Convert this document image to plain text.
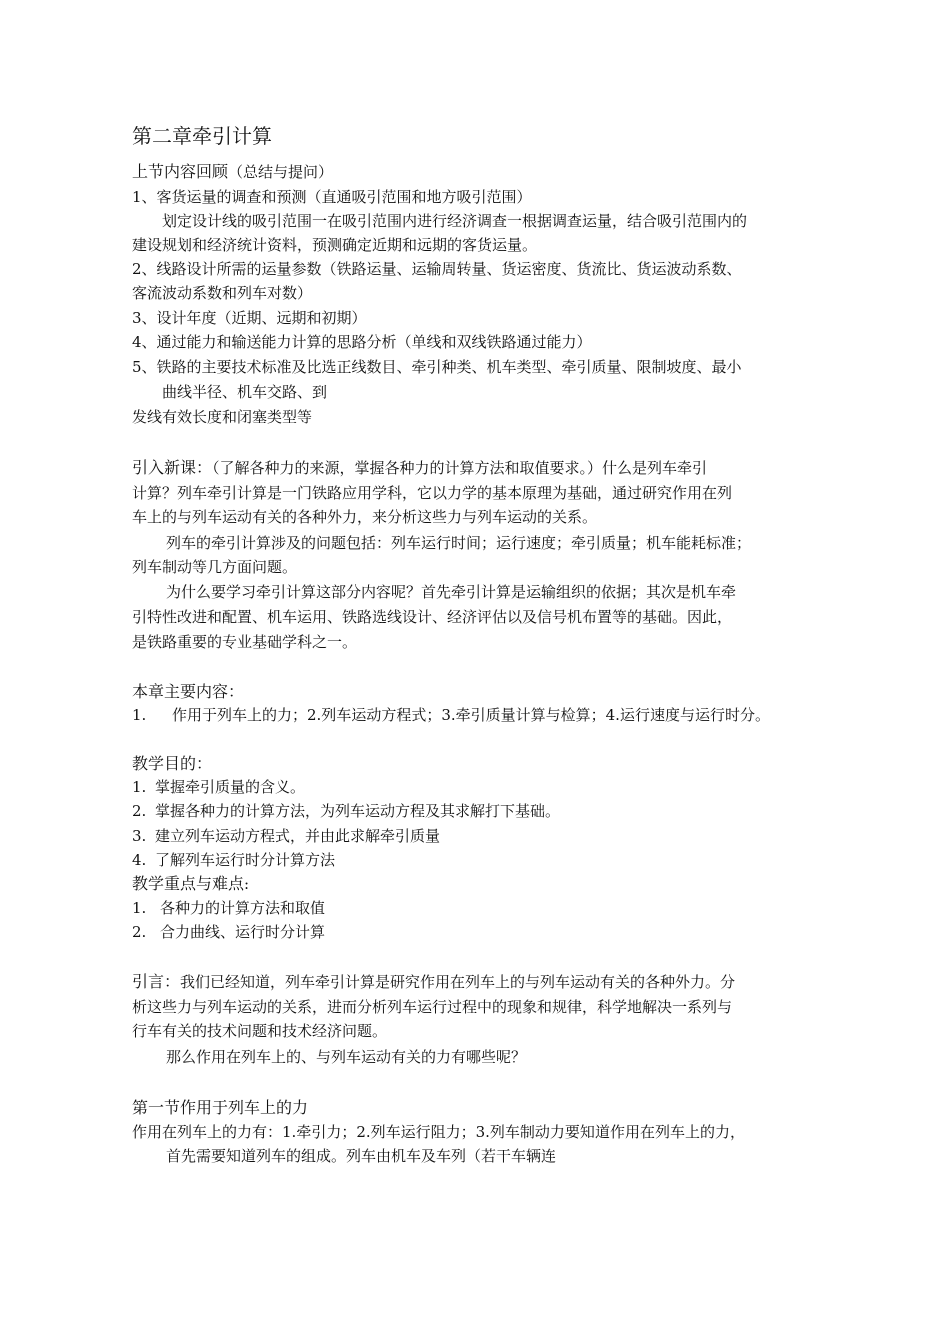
第二章牵引计算
上节内容回顾（总结与提问）
1、客货运量的调查和预测（直通吸引范围和地方吸引范围）
划定设计线的吸引范围一在吸引范围内进行经济调查一根据调查运量，结合吸引范围内的
建设规划和经济统计资料，预测确定近期和远期的客货运量。
2、线路设计所需的运量参数（铁路运量、运输周转量、货运密度、货流比、货运波动系数、
客流波动系数和列车对数）
3、设计年度（近期、远期和初期）
4、通过能力和输送能力计算的思路分析（单线和双线铁路通过能力）
5、铁路的主要技术标准及比选正线数目、牵引种类、机车类型、牵引质量、限制坡度、最小
曲线半径、机车交路、到
发线有效长度和闭塞类型等
引入新课：（了解各种力的来源，掌握各种力的计算方法和取值要求。）什么是列车牵引
计算？列车牵引计算是一门铁路应用学科，它以力学的基本原理为基础，通过研究作用在列
车上的与列车运动有关的各种外力，来分析这些力与列车运动的关系。
列车的牵引计算涉及的问题包括：列车运行时间；运行速度；牵引质量；机车能耗标准；
列车制动等几方面问题。
为什么要学习牵引计算这部分内容呢？首先牵引计算是运输组织的依据；其次是机车牵
引特性改进和配置、机车运用、铁路选线设计、经济评估以及信号机布置等的基础。因此，
是铁路重要的专业基础学科之一。
本章主要内容：
1. 作用于列车上的力；2.列车运动方程式；3.牵引质量计算与检算；4.运行速度与运行时分。
教学目的：
1. 掌握牵引质量的含义。
2. 掌握各种力的计算方法，为列车运动方程及其求解打下基础。
3. 建立列车运动方程式，并由此求解牵引质量
4. 了解列车运行时分计算方法
教学重点与难点:
1. 各种力的计算方法和取值
2. 合力曲线、运行时分计算
引言：我们已经知道，列车牵引计算是研究作用在列车上的与列车运动有关的各种外力。分
析这些力与列车运动的关系，进而分析列车运行过程中的现象和规律，科学地解决一系列与
行车有关的技术问题和技术经济问题。
那么作用在列车上的、与列车运动有关的力有哪些呢？
第一节作用于列车上的力
作用在列车上的力有：1.牵引力；2.列车运行阻力；3.列车制动力要知道作用在列车上的力，
首先需要知道列车的组成。列车由机车及车列（若干车辆连
